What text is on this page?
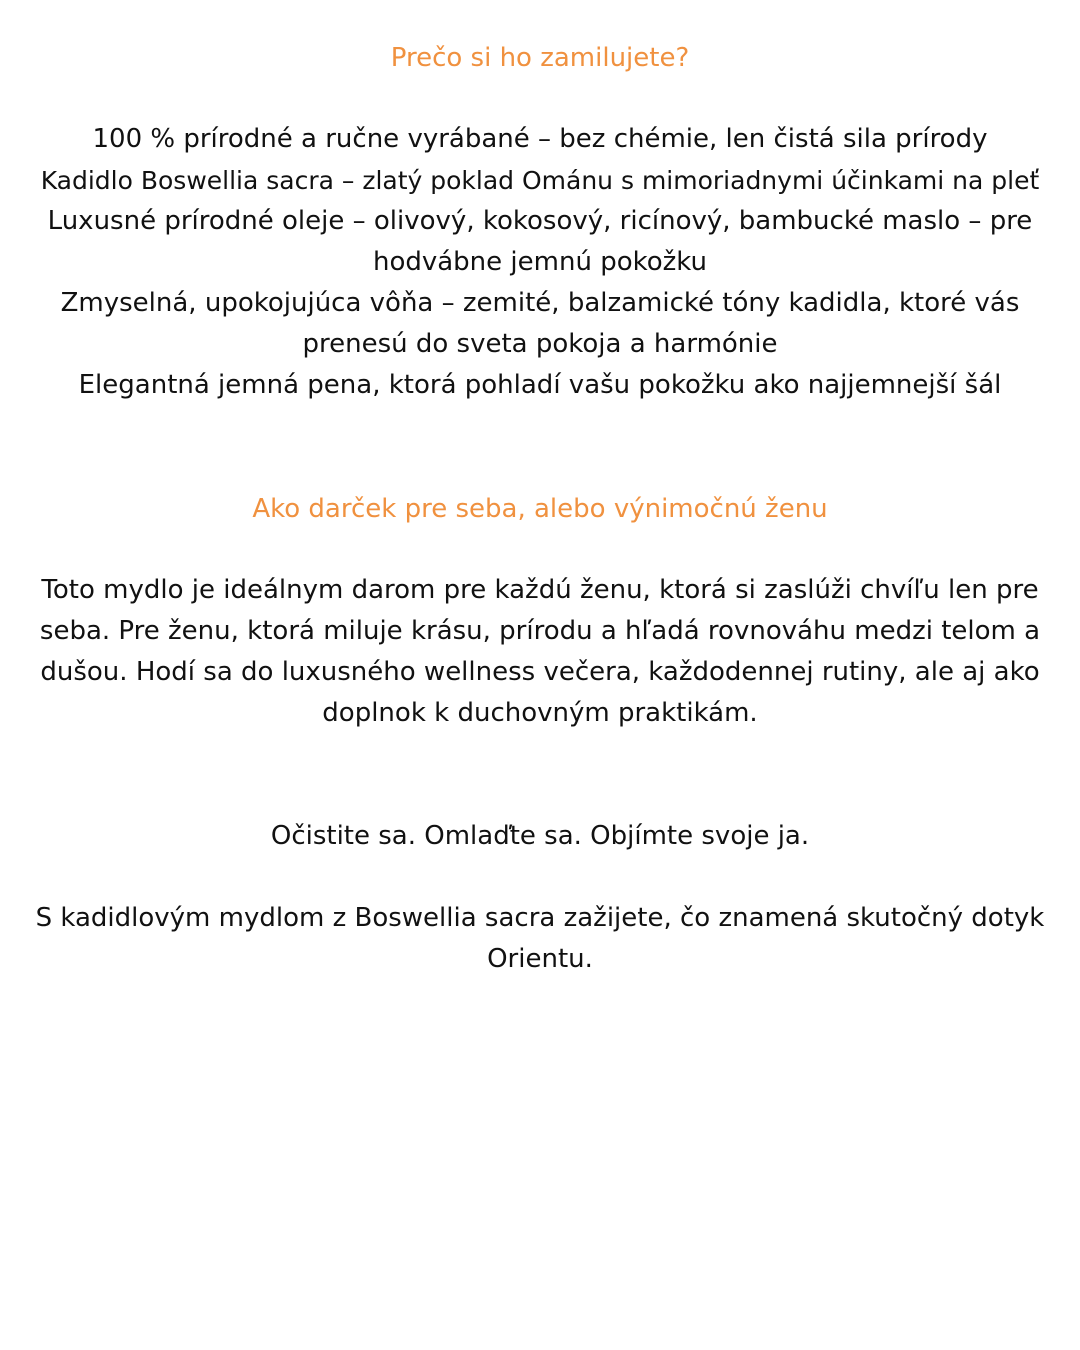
Prečo si ho zamilujete?
100 % prírodné a ručne vyrábané – bez chémie, len čistá sila prírody
Kadidlo Boswellia sacra – zlatý poklad Ománu s mimoriadnymi účinkami na pleť
Luxusné prírodné oleje – olivový, kokosový, ricínový, bambucké maslo – pre hodvábne jemnú pokožku
Zmyselná, upokojujúca vôňa – zemité, balzamické tóny kadidla, ktoré vás prenesú do sveta pokoja a harmónie
Elegantná jemná pena, ktorá pohladí vašu pokožku ako najjemnejší šál
Ako darček pre seba, alebo výnimočnú ženu
Toto mydlo je ideálnym darom pre každú ženu, ktorá si zaslúži chvíľu len pre seba. Pre ženu, ktorá miluje krásu, prírodu a hľadá rovnováhu medzi telom a dušou. Hodí sa do luxusného wellness večera, každodennej rutiny, ale aj ako doplnok k duchovným praktikám.
Očistite sa. Omlaďte sa. Objímte svoje ja.
S kadidlovým mydlom z Boswellia sacra zažijete, čo znamená skutočný dotyk Orientu.
